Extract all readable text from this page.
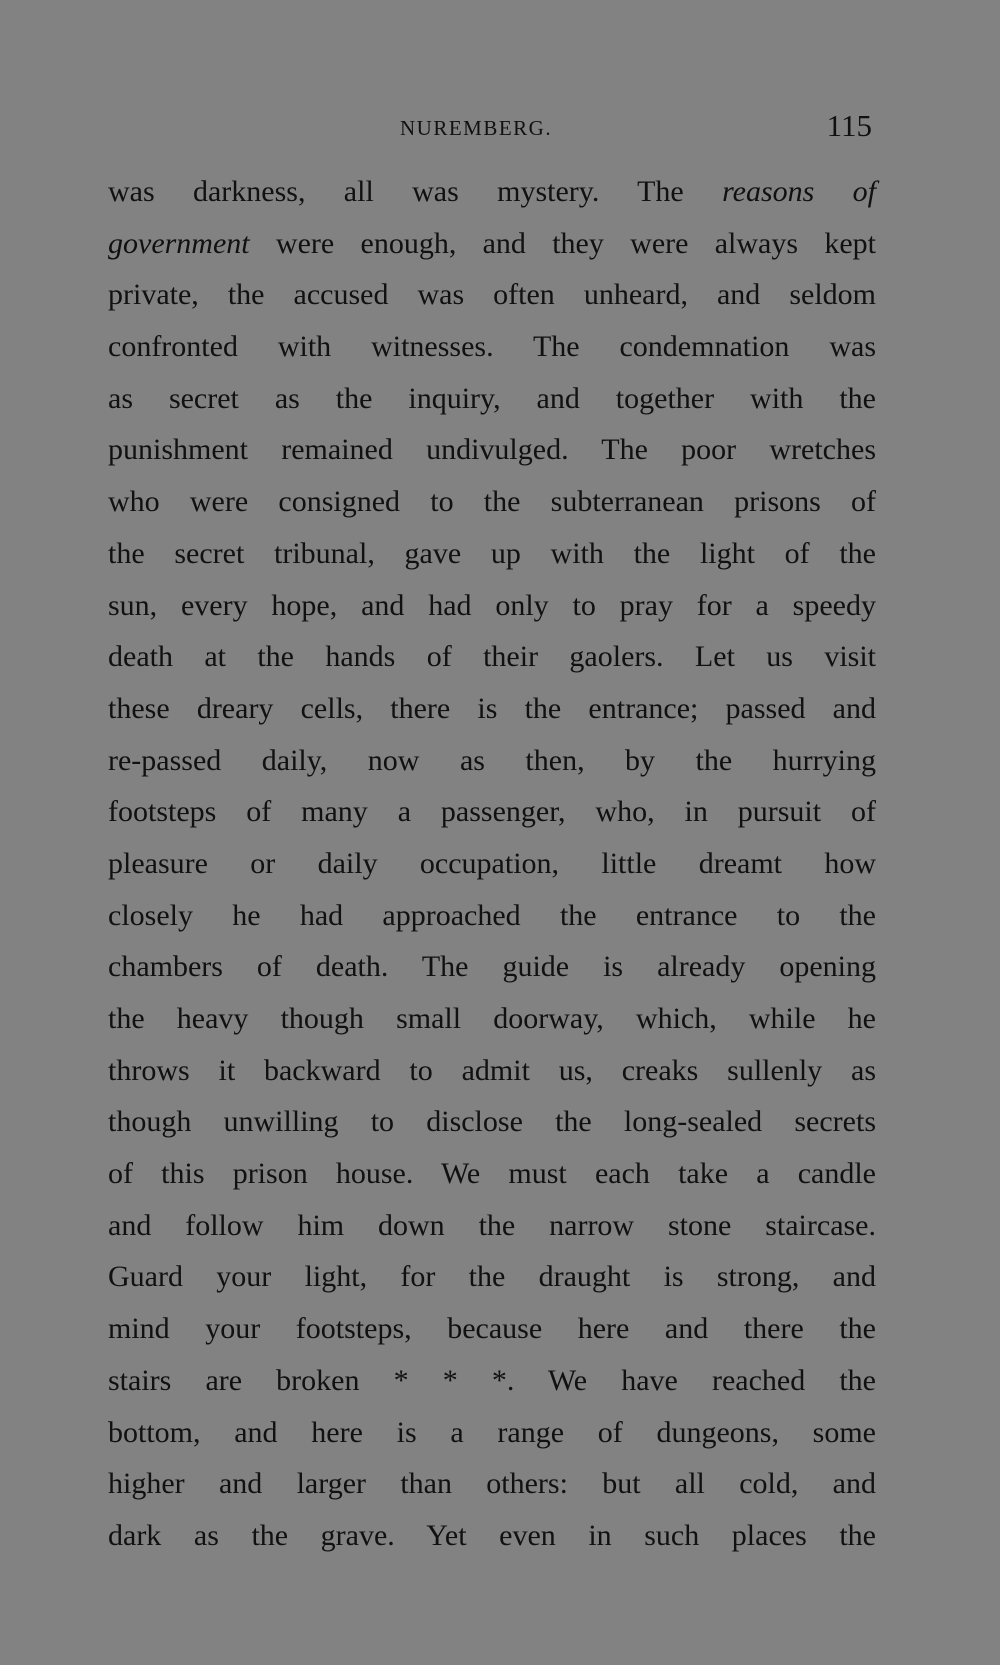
NUREMBERG.	115
was darkness, all was mystery. The reasons of
government were enough, and they were always kept
private, the accused was often unheard, and seldom
confronted with witnesses. The condemnation was
as secret as the inquiry, and together with the
punishment remained undivulged. The poor wretches
who were consigned to the subterranean prisons of
the secret tribunal, gave up with the light of the
sun, every hope, and had only to pray for a speedy
death at the hands of their gaolers. Let us visit
these dreary cells, there is the entrance; passed and
re-passed daily, now as then, by the hurrying
footsteps of many a passenger, who, in pursuit of
pleasure or daily occupation, little dreamt how
closely he had approached the entrance to the
chambers of death. The guide is already opening
the heavy though small doorway, which, while he
throws it backward to admit us, creaks sullenly as
though unwilling to disclose the long-sealed secrets
of this prison house. We must each take a candle
and follow him down the narrow stone staircase.
Guard your light, for the draught is strong, and
mind your footsteps, because here and there the
stairs are broken * * *. We have reached the
bottom, and here is a range of dungeons, some
higher and larger than others: but all cold, and
dark as the grave. Yet even in such places the
